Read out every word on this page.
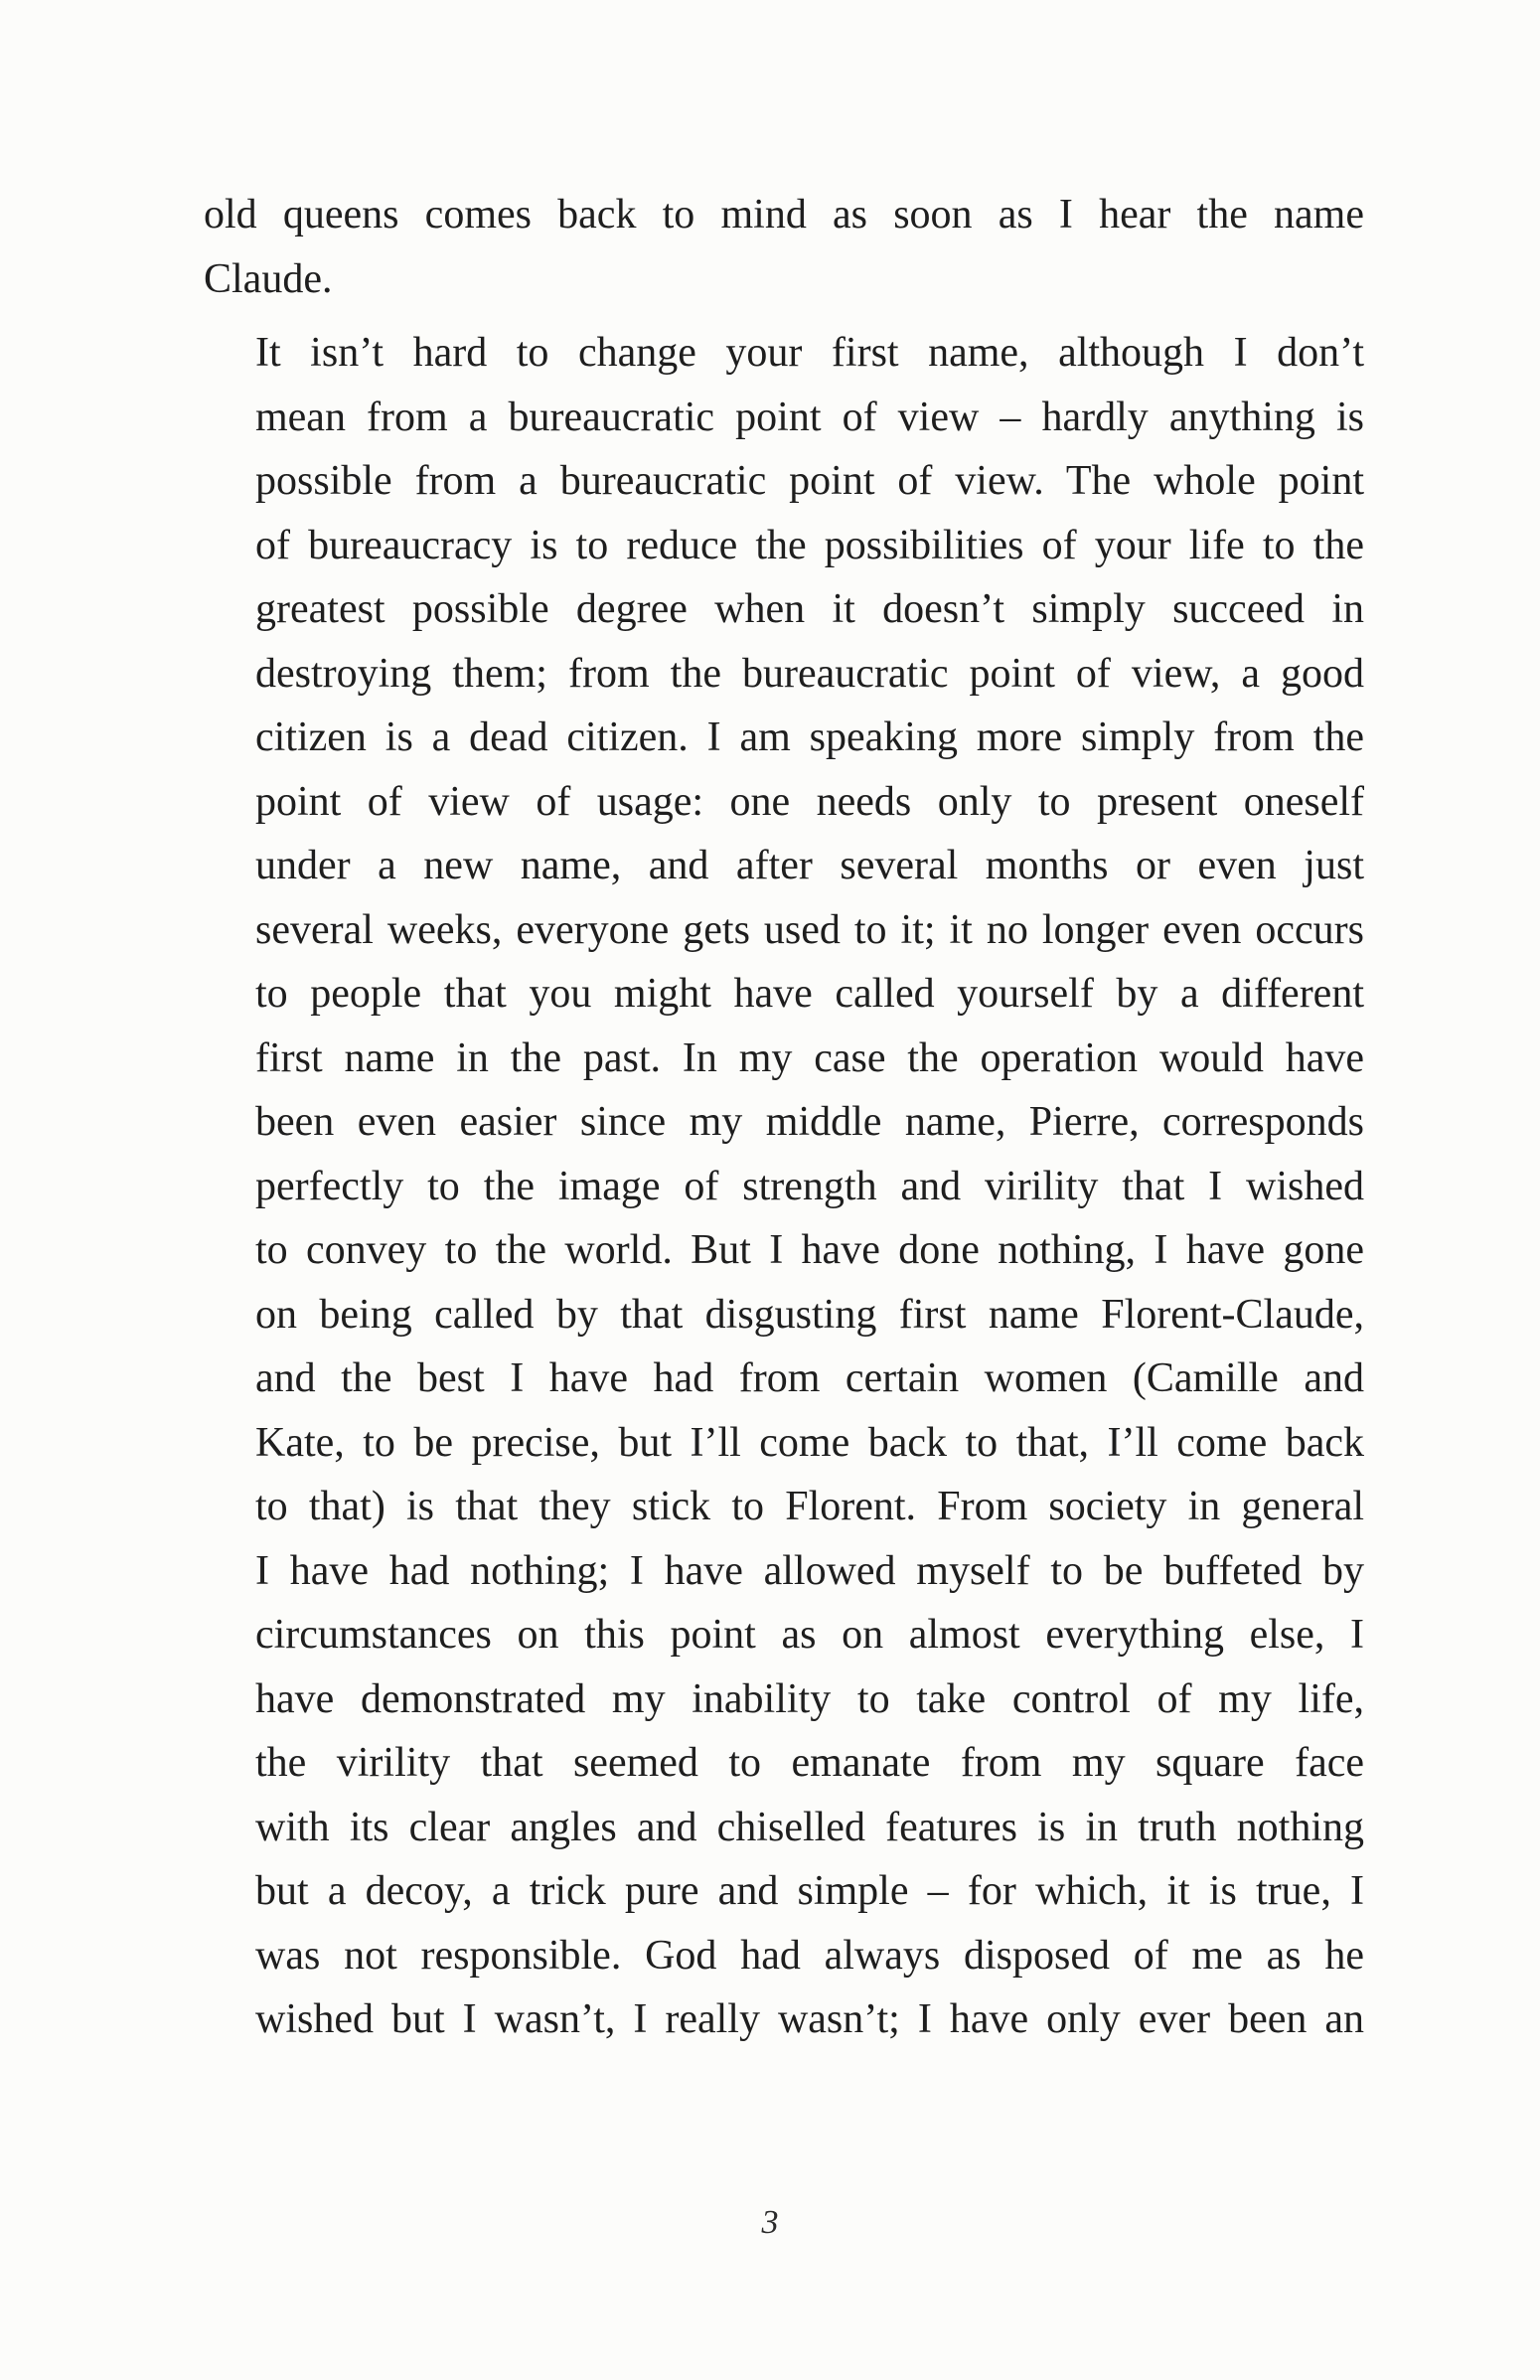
old queens comes back to mind as soon as I hear the name
Claude.

It isn’t hard to change your first name, although I don’t
mean from a bureaucratic point of view – hardly anything is
possible from a bureaucratic point of view. The whole point
of bureaucracy is to reduce the possibilities of your life to the
greatest possible degree when it doesn’t simply succeed in
destroying them; from the bureaucratic point of view, a good
citizen is a dead citizen. I am speaking more simply from the
point of view of usage: one needs only to present oneself
under a new name, and after several months or even just
several weeks, everyone gets used to it; it no longer even occurs
to people that you might have called yourself by a different
first name in the past. In my case the operation would have
been even easier since my middle name, Pierre, corresponds
perfectly to the image of strength and virility that I wished
to convey to the world. But I have done nothing, I have gone
on being called by that disgusting first name Florent-Claude,
and the best I have had from certain women (Camille and
Kate, to be precise, but I’ll come back to that, I’ll come back
to that) is that they stick to Florent. From society in general
I have had nothing; I have allowed myself to be buffeted by
circumstances on this point as on almost everything else, I
have demonstrated my inability to take control of my life,
the virility that seemed to emanate from my square face
with its clear angles and chiselled features is in truth nothing
but a decoy, a trick pure and simple – for which, it is true, I
was not responsible. God had always disposed of me as he
wished but I wasn’t, I really wasn’t; I have only ever been an

3
